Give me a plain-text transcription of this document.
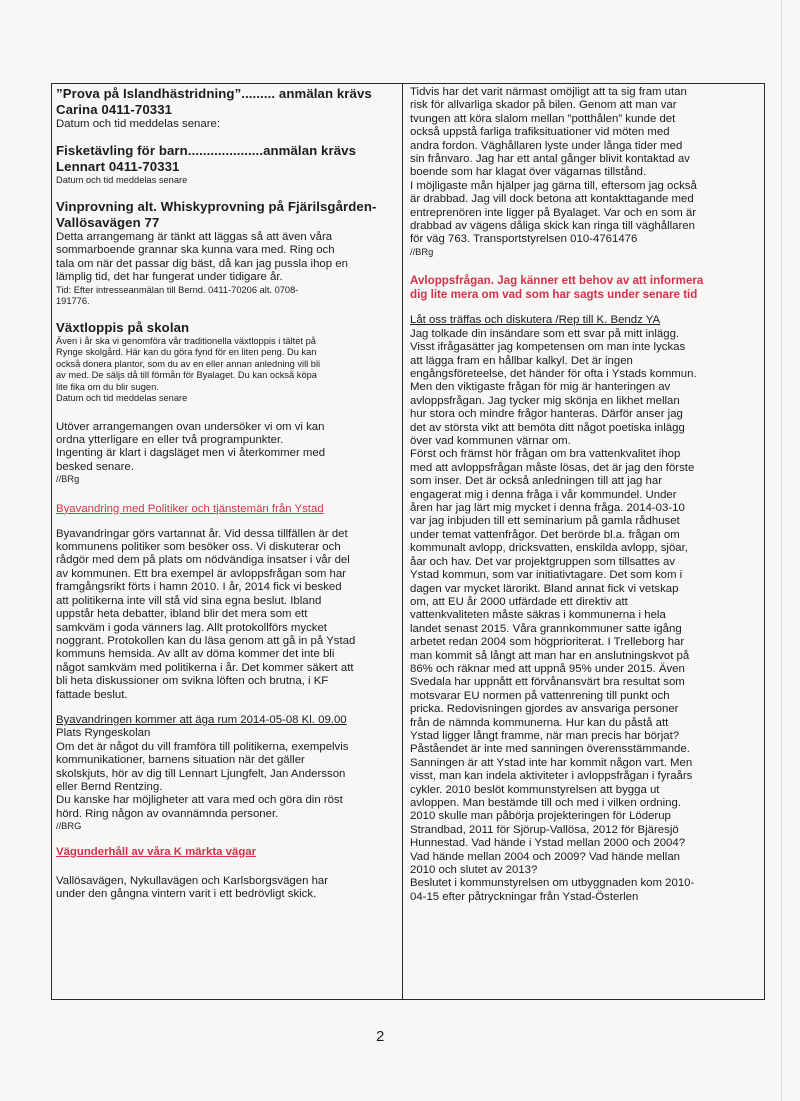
”Prova på Islandhästridning”......... anmälan krävs
Carina 0411-70331
Datum och tid meddelas senare:
Fisketävling för barn....................anmälan krävs
Lennart 0411-70331
Datum och tid meddelas senare
Vinprovning alt. Whiskyprovning på Fjärilsgården-
Vallösavägen 77
Detta arrangemang är tänkt att läggas så att även våra
sommarboende grannar ska kunna vara med. Ring och
tala om när det passar dig bäst, då kan jag pussla ihop en
lämplig tid, det har fungerat under tidigare år.
Tid: Efter intresseanmälan till Bernd. 0411-70206 alt. 0708-
191776.
Växtloppis på skolan
Även i år ska vi genomföra vår traditionella växtloppis i tältet på
Rynge skolgård. Här kan du göra fynd för en liten peng. Du kan
också donera plantor, som du av en eller annan anledning vill bli
av med. De säljs då till förmån för Byalaget. Du kan också köpa
lite fika om du blir sugen.
Datum och tid meddelas senare
Utöver arrangemangen ovan undersöker vi om vi kan
ordna ytterligare en eller två programpunkter.
Ingenting är klart i dagsläget men vi återkommer med
besked senare.
//BRg
Byavandring med Politiker och tjänstemän från Ystad
Byavandringar görs vartannat år. Vid dessa tillfällen är det
kommunens politiker som besöker oss. Vi diskuterar och
rådgör med dem på plats om nödvändiga insatser i vår del
av kommunen. Ett bra exempel är avloppsfrågan som har
framgångsrikt förts i hamn 2010. I år, 2014 fick vi besked
att politikerna inte vill stå vid sina egna beslut. Ibland
uppstår heta debatter, ibland blir det mera som ett
samkväm i goda vänners lag. Allt protokollförs mycket
noggrant. Protokollen kan du läsa genom att gå in på Ystad
kommuns hemsida. Av allt av döma kommer det inte bli
något samkväm med politikerna i år. Det kommer säkert att
bli heta diskussioner om svikna löften och brutna, i KF
fattade beslut.
Byavandringen kommer att äga rum 2014-05-08 Kl. 09.00
Plats Ryngeskolan
Om det är något du vill framföra till politikerna, exempelvis
kommunikationer, barnens situation när det gäller
skolskjuts, hör av dig till Lennart Ljungfelt, Jan Andersson
eller Bernd Rentzing.
Du kanske har möjligheter att vara med och göra din röst
hörd. Ring någon av ovannämnda personer.
//BRG
Vägunderhåll av våra K märkta vägar
Vallösavägen, Nykullavägen och Karlsborgsvägen har
under den gångna vintern varit i ett bedrövligt skick.
Tidvis har det varit närmast omöjligt att ta sig fram utan
risk för allvarliga skador på bilen. Genom att man var
tvungen att köra slalom mellan ”potthålen” kunde det
också uppstå farliga trafiksituationer vid möten med
andra fordon. Väghållaren lyste under långa tider med
sin frånvaro. Jag har ett antal gånger blivit kontaktad av
boende som har klagat över vägarnas tillstånd.
I möjligaste mån hjälper jag gärna till, eftersom jag också
är drabbad. Jag vill dock betona att kontakttagande med
entreprenören inte ligger på Byalaget. Var och en som är
drabbad av vägens dåliga skick kan ringa till väghållaren
för väg 763. Transportstyrelsen 010-4761476
//BRg
Avloppsfrågan. Jag känner ett behov av att informera
dig lite mera om vad som har sagts under senare tid
Låt oss träffas och diskutera /Rep till K. Bendz YA
Jag tolkade din insändare som ett svar på mitt inlägg.
Visst ifrågasätter jag kompetensen om man inte lyckas
att lägga fram en hållbar kalkyl. Det är ingen
engångsföreteelse, det händer för ofta i Ystads kommun.
Men den viktigaste frågan för mig är hanteringen av
avloppsfrågan. Jag tycker mig skönja en likhet mellan
hur stora och mindre frågor hanteras. Därför anser jag
det av största vikt att bemöta ditt något poetiska inlägg
över vad kommunen värnar om.
Först och främst hör frågan om bra vattenkvalitet ihop
med att avloppsfrågan måste lösas, det är jag den förste
som inser. Det är också anledningen till att jag har
engagerat mig i denna fråga i vår kommundel. Under
åren har jag lärt mig mycket i denna fråga. 2014-03-10
var jag inbjuden till ett seminarium på gamla rådhuset
under temat vattenfrågor. Det berörde bl.a. frågan om
kommunalt avlopp, dricksvatten, enskilda avlopp, sjöar,
åar och hav. Det var projektgruppen som tillsattes av
Ystad kommun, som var initiativtagare. Det som kom i
dagen var mycket lärorikt. Bland annat fick vi vetskap
om, att EU år 2000 utfärdade ett direktiv att
vattenkvaliteten måste säkras i kommunerna i hela
landet senast 2015. Våra grannkommuner satte igång
arbetet redan 2004 som högprioriterat. I Trelleborg har
man kommit så långt att man har en anslutningskvot på
86% och räknar med att uppnå 95% under 2015. Även
Svedala har uppnått ett förvånansvärt bra resultat som
motsvarar EU normen på vattenrening till punkt och
pricka. Redovisningen gjordes av ansvariga personer
från de nämnda kommunerna. Hur kan du påstå att
Ystad ligger långt framme, när man precis har börjat?
Påståendet är inte med sanningen överensstämmande.
Sanningen är att Ystad inte har kommit någon vart. Men
visst, man kan indela aktiviteter i avloppsfrågan i fyraårs
cykler. 2010 beslöt kommunstyrelsen att bygga ut
avloppen. Man bestämde till och med i vilken ordning.
2010 skulle man påbörja projekteringen för Löderup
Strandbad, 2011 för Sjörup-Vallösa, 2012 för Bjäresjö
Hunnestad. Vad hände i Ystad mellan 2000 och 2004?
Vad hände mellan 2004 och 2009? Vad hände mellan
2010 och slutet av 2013?
Beslutet i kommunstyrelsen om utbyggnaden kom 2010-
04-15 efter påtryckningar från Ystad-Österlen
2
